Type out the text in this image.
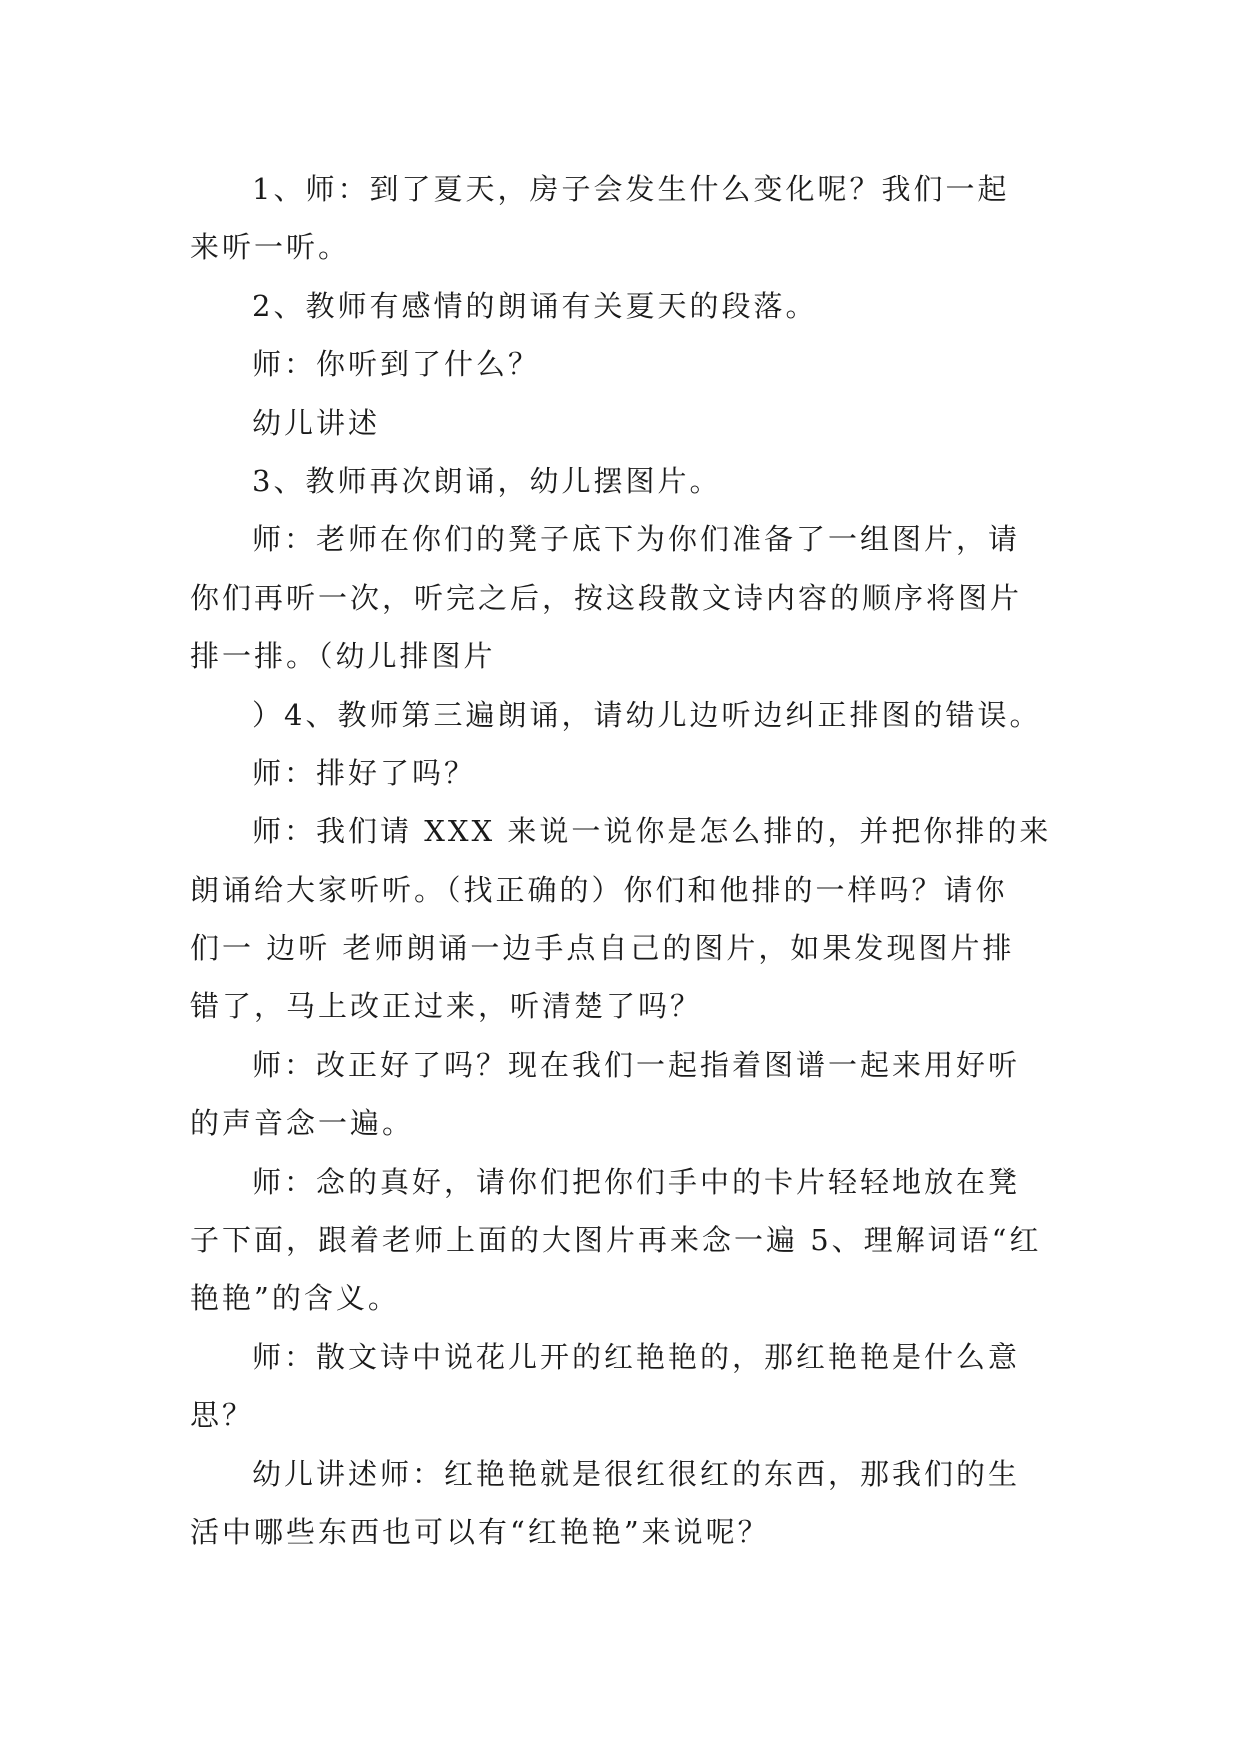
1、师：到了夏天，房子会发生什么变化呢？我们一起
来听一听。
2、教师有感情的朗诵有关夏天的段落。
师：你听到了什么？
幼儿讲述
3、教师再次朗诵，幼儿摆图片。
师：老师在你们的凳子底下为你们准备了一组图片，请
你们再听一次，听完之后，按这段散文诗内容的顺序将图片
排一排。（幼儿排图片
）4、教师第三遍朗诵，请幼儿边听边纠正排图的错误。
师：排好了吗？
师：我们请 XXX 来说一说你是怎么排的，并把你排的来
朗诵给大家听听。（找正确的）你们和他排的一样吗？请你
们一 边听 老师朗诵一边手点自己的图片，如果发现图片排
错了，马上改正过来，听清楚了吗？
师：改正好了吗？现在我们一起指着图谱一起来用好听
的声音念一遍。
师：念的真好，请你们把你们手中的卡片轻轻地放在凳
子下面，跟着老师上面的大图片再来念一遍 5、理解词语“红
艳艳”的含义。
师：散文诗中说花儿开的红艳艳的，那红艳艳是什么意
思？
幼儿讲述师：红艳艳就是很红很红的东西，那我们的生
活中哪些东西也可以有“红艳艳”来说呢？
